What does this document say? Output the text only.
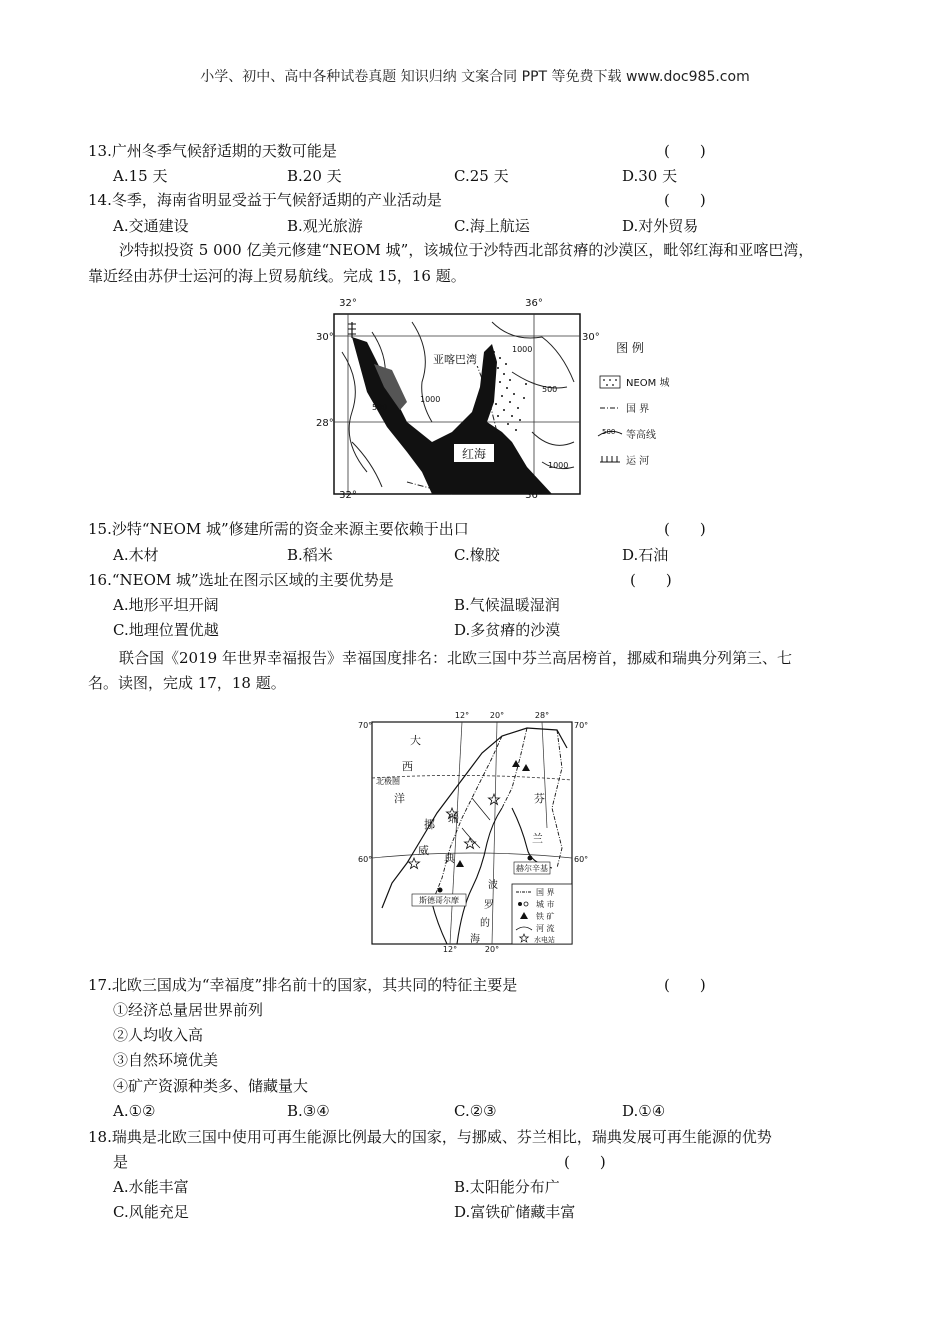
小学、初中、高中各种试卷真题 知识归纳 文案合同 PPT 等免费下载 www.doc985.com
13.广州冬季气候舒适期的天数可能是	(　　)
A.15 天	B.20 天	C.25 天	D.30 天
14.冬季，海南省明显受益于气候舒适期的产业活动是	(　　)
A.交通建设	B.观光旅游	C.海上航运	D.对外贸易
沙特拟投资 5 000 亿美元修建“NEOM 城”，该城位于沙特西北部贫瘠的沙漠区，毗邻红海和亚喀巴湾，
靠近经由苏伊士运河的海上贸易航线。完成 15，16 题。
32°	36°
32°	36°
30°
28°
30°
亚喀巴湾
红海
1000
500
1000
500
1000
图 例
NEOM 城
国 界
500 等高线
运 河
15.沙特“NEOM 城”修建所需的资金来源主要依赖于出口	(　　)
A.木材	B.稻米	C.橡胶	D.石油
16.“NEOM 城”选址在图示区域的主要优势是	(　　)
A.地形平坦开阔	B.气候温暖湿润
C.地理位置优越	D.多贫瘠的沙漠
联合国《2019 年世界幸福报告》幸福国度排名：北欧三国中芬兰高居榜首，挪威和瑞典分列第三、七
名。读图，完成 17，18 题。
12°	20°	28°
12°	20°
70°
60°
70°
60°
北极圈
大
西
洋
挪
威
瑞
典
芬
兰
波
罗
的
海
斯德哥尔摩
赫尔辛基
国 界
城 市
铁 矿
河 流
水电站
17.北欧三国成为“幸福度”排名前十的国家，其共同的特征主要是	(　　)
①经济总量居世界前列
②人均收入高
③自然环境优美
④矿产资源种类多、储藏量大
A.①②	B.③④	C.②③	D.①④
18.瑞典是北欧三国中使用可再生能源比例最大的国家，与挪威、芬兰相比，瑞典发展可再生能源的优势
是	(　　)
A.水能丰富	B.太阳能分布广
C.风能充足	D.富铁矿储藏丰富
